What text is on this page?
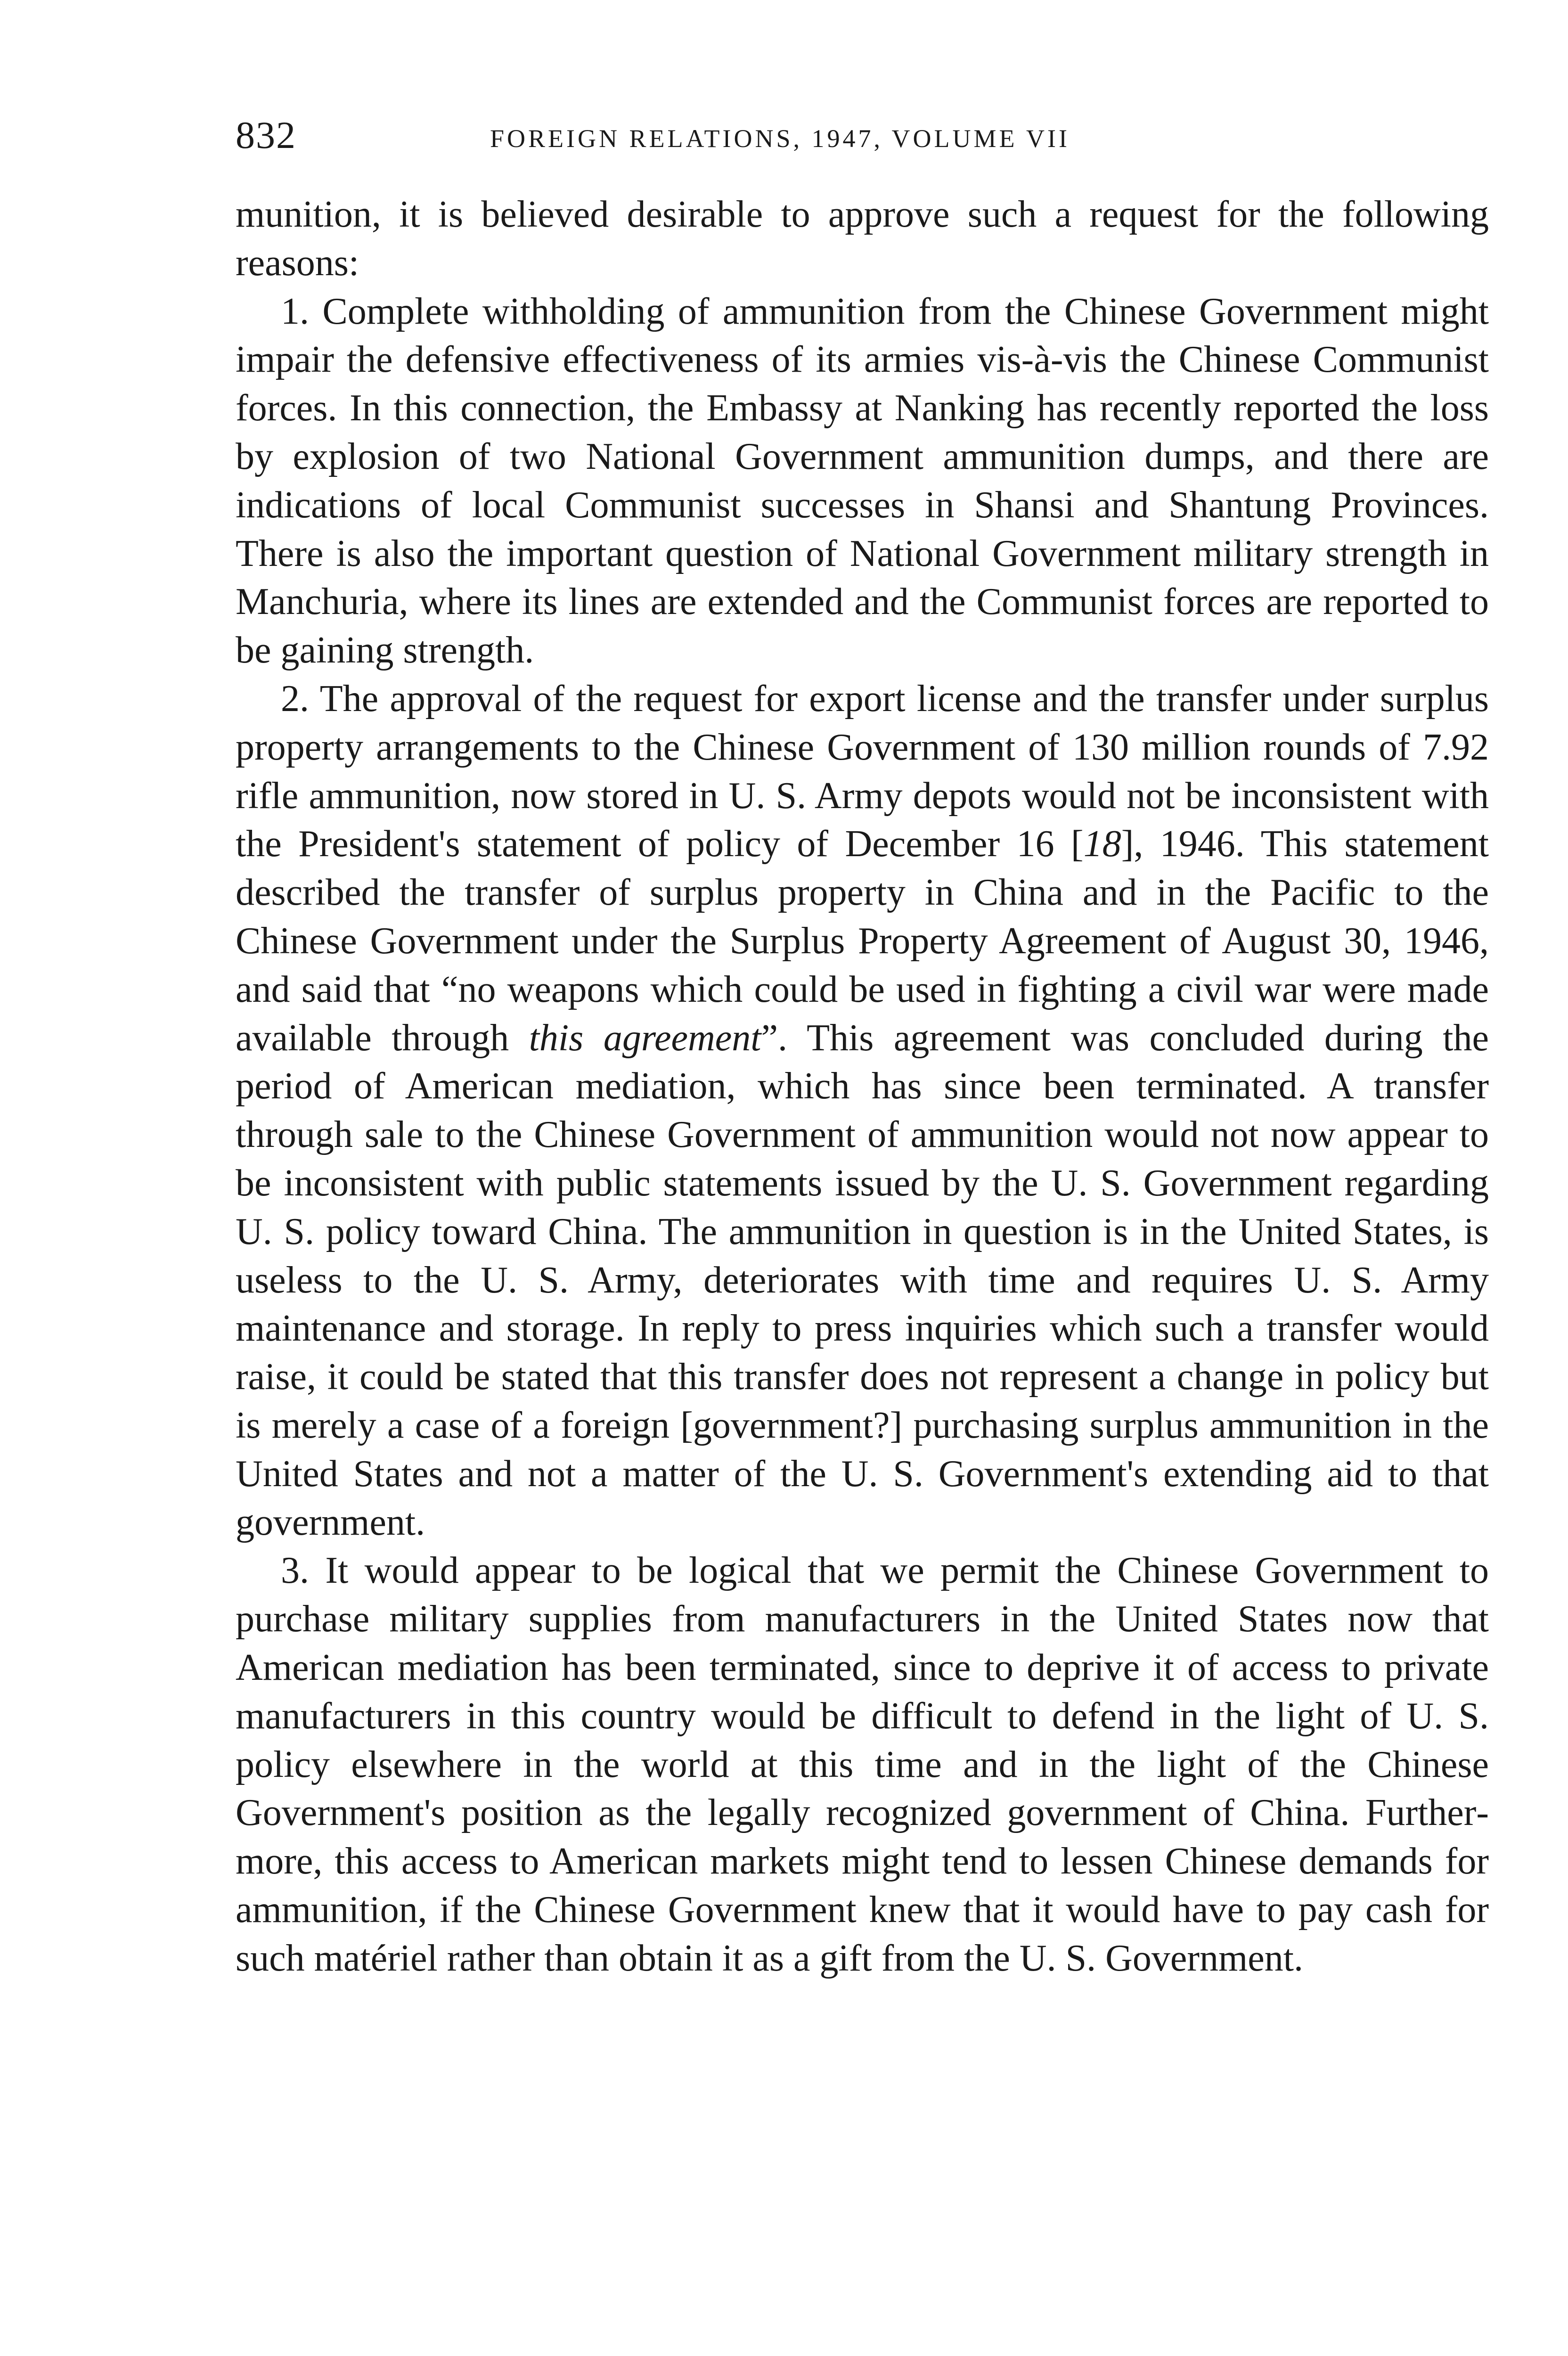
832	FOREIGN RELATIONS, 1947, VOLUME VII

munition, it is believed desirable to approve such a request for the following reasons:

1. Complete withholding of ammunition from the Chinese Government might impair the defensive effectiveness of its armies vis-à-vis the Chinese Communist forces. In this connection, the Embassy at Nanking has recently reported the loss by explosion of two National Government ammunition dumps, and there are indications of local Communist successes in Shansi and Shantung Provinces. There is also the important question of National Government military strength in Manchuria, where its lines are extended and the Communist forces are reported to be gaining strength.

2. The approval of the request for export license and the transfer under surplus property arrangements to the Chinese Government of 130 million rounds of 7.92 rifle ammunition, now stored in U. S. Army depots would not be inconsistent with the President's statement of policy of December 16 [18], 1946. This statement described the transfer of surplus property in China and in the Pacific to the Chinese Government under the Surplus Property Agreement of August 30, 1946, and said that “no weapons which could be used in fighting a civil war were made available through this agreement”. This agreement was concluded during the period of American mediation, which has since been terminated. A transfer through sale to the Chinese Government of ammunition would not now appear to be inconsistent with public statements issued by the U. S. Government regarding U. S. policy toward China. The ammunition in question is in the United States, is useless to the U. S. Army, deteriorates with time and requires U. S. Army maintenance and storage. In reply to press inquiries which such a transfer would raise, it could be stated that this transfer does not represent a change in policy but is merely a case of a foreign [government?] purchasing surplus ammunition in the United States and not a matter of the U. S. Government's extending aid to that government.

3. It would appear to be logical that we permit the Chinese Government to purchase military supplies from manufacturers in the United States now that American mediation has been terminated, since to deprive it of access to private manufacturers in this country would be difficult to defend in the light of U. S. policy elsewhere in the world at this time and in the light of the Chinese Government's position as the legally recognized government of China. Furthermore, this access to American markets might tend to lessen Chinese demands for ammunition, if the Chinese Government knew that it would have to pay cash for such matériel rather than obtain it as a gift from the U. S. Government.
